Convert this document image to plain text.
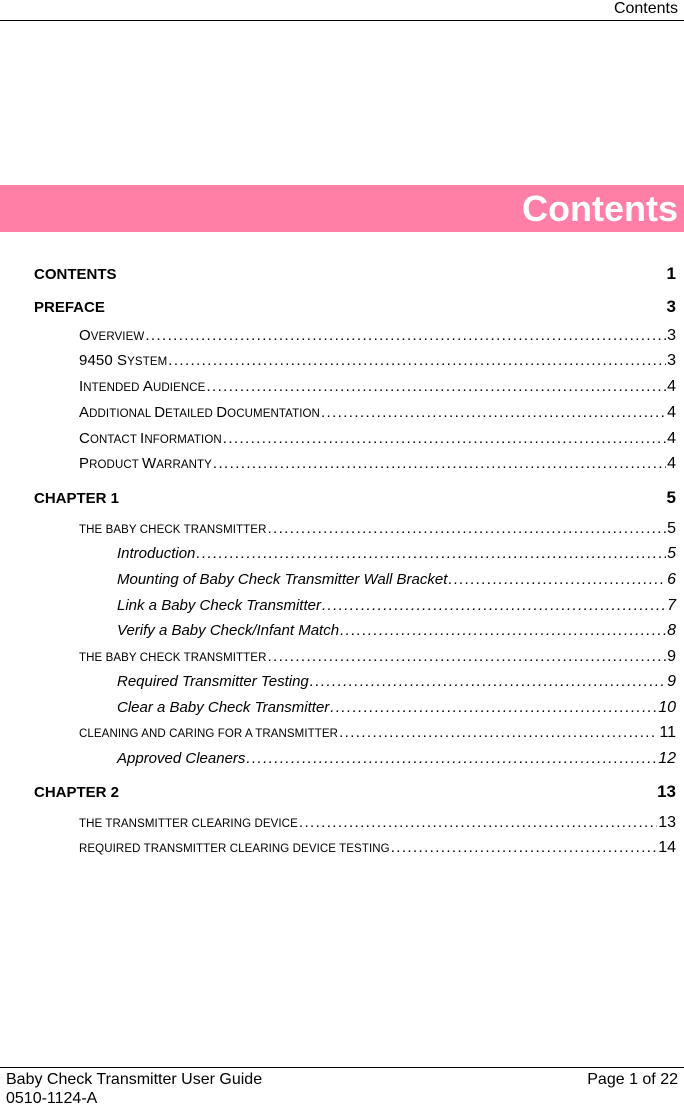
Contents
Contents
CONTENTS	1
PREFACE	3
OVERVIEW .....	3
9450 SYSTEM .....	3
INTENDED AUDIENCE .....	4
ADDITIONAL DETAILED DOCUMENTATION .....	4
CONTACT INFORMATION .....	4
PRODUCT WARRANTY .....	4
CHAPTER 1	5
THE BABY CHECK TRANSMITTER .....	5
Introduction .....	5
Mounting of Baby Check Transmitter Wall Bracket .....	6
Link a Baby Check Transmitter .....	7
Verify a Baby Check/Infant Match .....	8
THE BABY CHECK TRANSMITTER .....	9
Required Transmitter Testing .....	9
Clear a Baby Check Transmitter .....	10
CLEANING AND CARING FOR A TRANSMITTER .....	11
Approved Cleaners .....	12
CHAPTER 2	13
THE TRANSMITTER CLEARING DEVICE .....	13
REQUIRED TRANSMITTER CLEARING DEVICE TESTING .....	14
Baby Check Transmitter User Guide
0510-1124-A
Page 1 of 22
